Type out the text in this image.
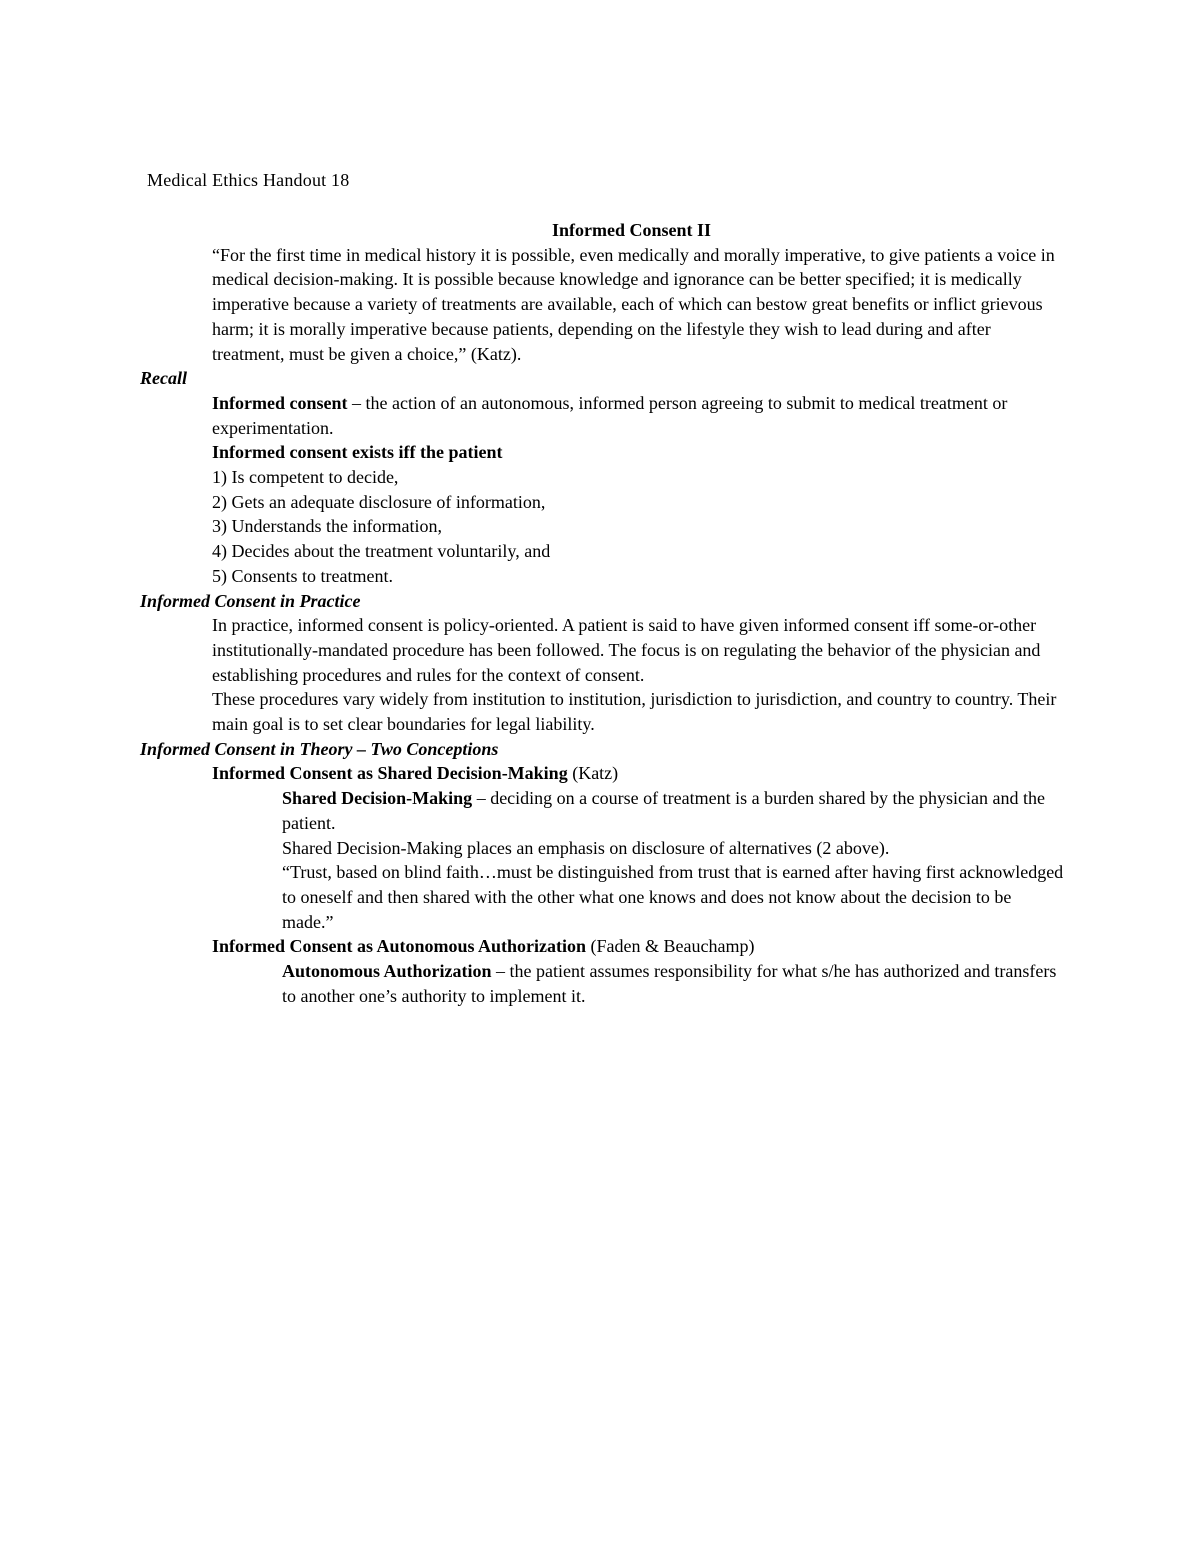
Medical Ethics Handout 18

Informed Consent II

“For the first time in medical history it is possible, even medically and morally imperative, to give patients a voice in medical decision-making. It is possible because knowledge and ignorance can be better specified; it is medically imperative because a variety of treatments are available, each of which can bestow great benefits or inflict grievous harm; it is morally imperative because patients, depending on the lifestyle they wish to lead during and after treatment, must be given a choice,” (Katz).

Recall

Informed consent – the action of an autonomous, informed person agreeing to submit to medical treatment or experimentation.

Informed consent exists iff the patient

1) Is competent to decide,

2) Gets an adequate disclosure of information,

3) Understands the information,

4) Decides about the treatment voluntarily, and

5) Consents to treatment.

Informed Consent in Practice

In practice, informed consent is policy-oriented. A patient is said to have given informed consent iff some-or-other institutionally-mandated procedure has been followed. The focus is on regulating the behavior of the physician and establishing procedures and rules for the context of consent.

These procedures vary widely from institution to institution, jurisdiction to jurisdiction, and country to country. Their main goal is to set clear boundaries for legal liability.

Informed Consent in Theory – Two Conceptions

Informed Consent as Shared Decision-Making (Katz)

Shared Decision-Making – deciding on a course of treatment is a burden shared by the physician and the patient.

Shared Decision-Making places an emphasis on disclosure of alternatives (2 above).

“Trust, based on blind faith…must be distinguished from trust that is earned after having first acknowledged to oneself and then shared with the other what one knows and does not know about the decision to be made.”

Informed Consent as Autonomous Authorization (Faden & Beauchamp)

Autonomous Authorization – the patient assumes responsibility for what s/he has authorized and transfers to another one’s authority to implement it.
